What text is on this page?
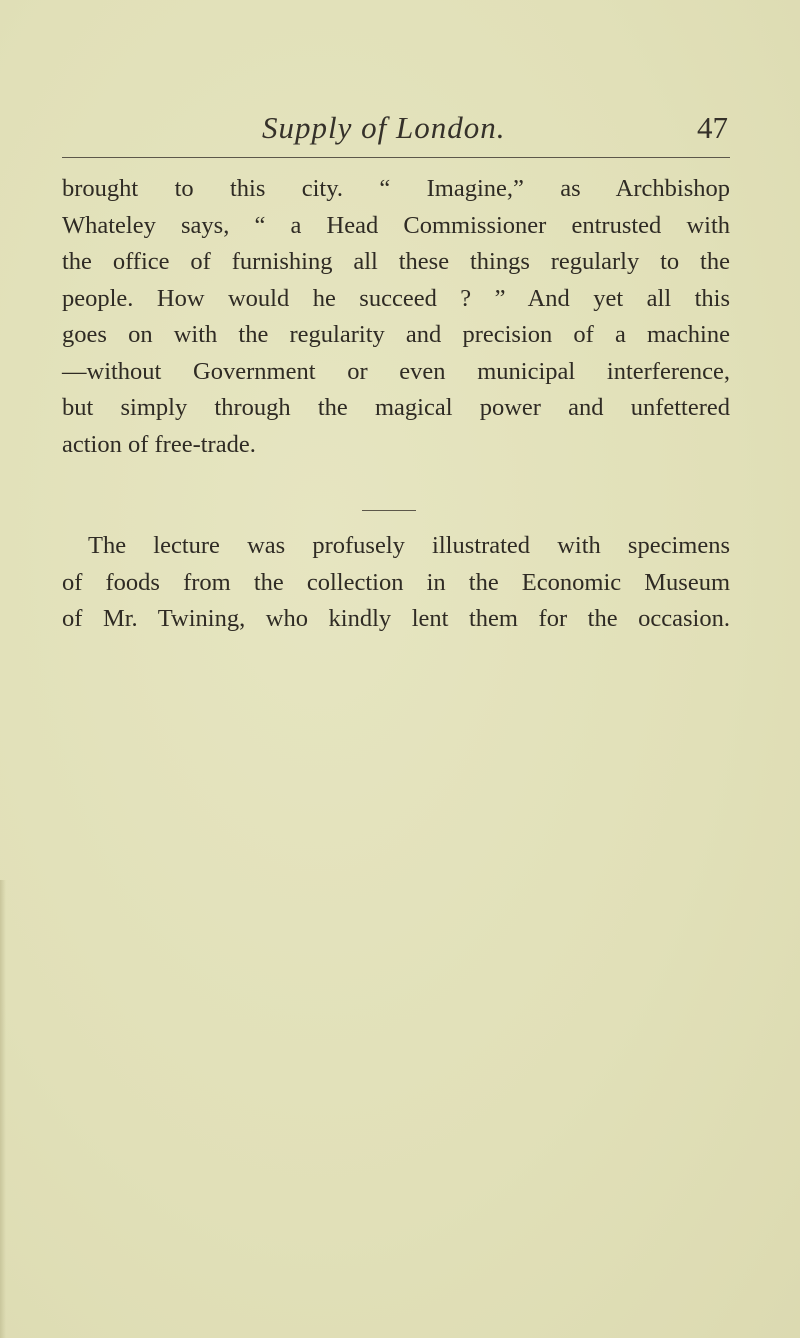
Supply of London.	47
brought to this city. “ Imagine,” as Archbishop
Whateley says, “ a Head Commissioner entrusted with
the office of furnishing all these things regularly to the
people. How would he succeed ? ” And yet all this
goes on with the regularity and precision of a machine
—without Government or even municipal interference,
but simply through the magical power and unfettered
action of free-trade.
The lecture was profusely illustrated with specimens
of foods from the collection in the Economic Museum
of Mr. Twining, who kindly lent them for the occasion.
